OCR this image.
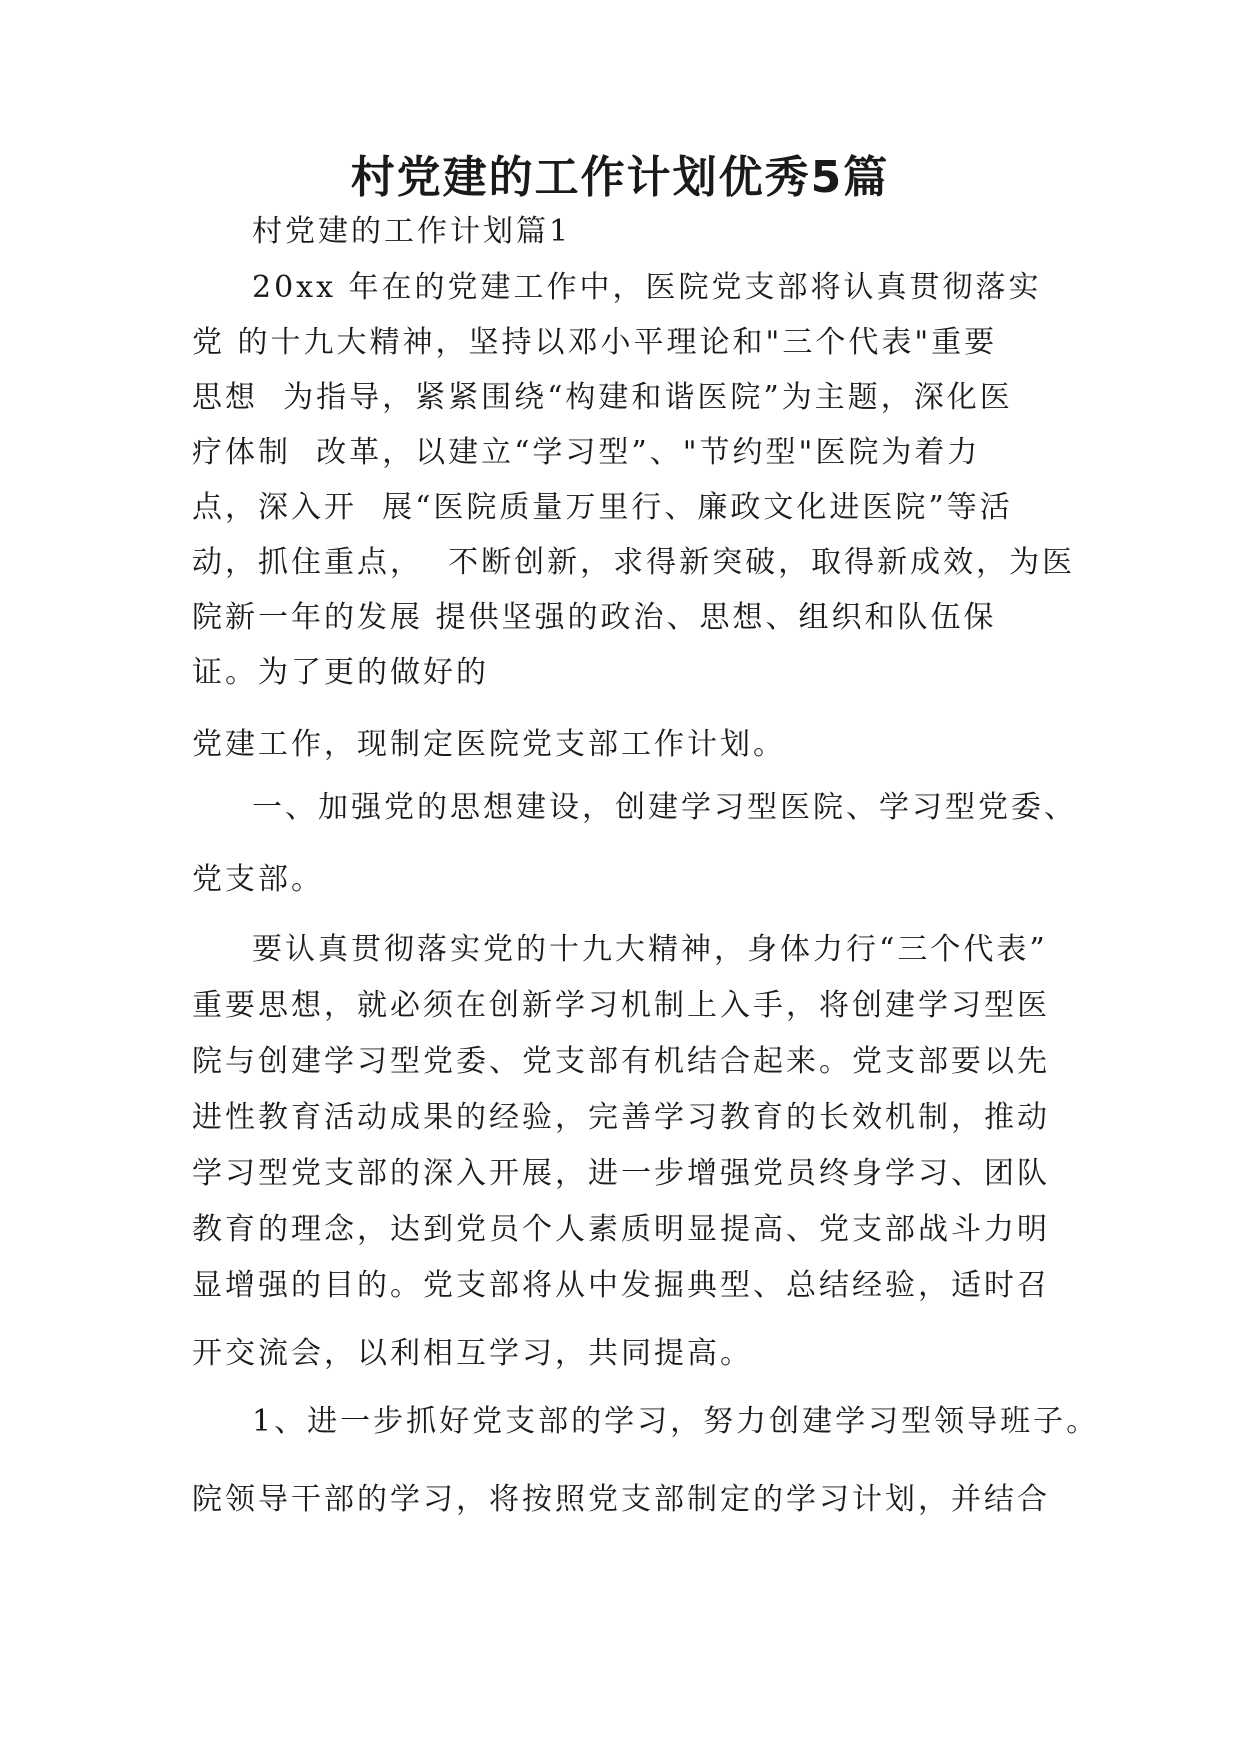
村党建的工作计划优秀5篇

村党建的工作计划篇1

20xx 年在的党建工作中，医院党支部将认真贯彻落实

党 的十九大精神，坚持以邓小平理论和"三个代表"重要

思想  为指导，紧紧围绕“构建和谐医院”为主题，深化医

疗体制  改革，以建立“学习型”、"节约型"医院为着力

点，深入开  展“医院质量万里行、廉政文化进医院”等活

动，抓住重点，  不断创新，求得新突破，取得新成效，为医

院新一年的发展 提供坚强的政治、思想、组织和队伍保

证。为了更的做好的

党建工作，现制定医院党支部工作计划。

一、加强党的思想建设，创建学习型医院、学习型党委、

党支部。

要认真贯彻落实党的十九大精神，身体力行“三个代表”

重要思想，就必须在创新学习机制上入手，将创建学习型医

院与创建学习型党委、党支部有机结合起来。党支部要以先

进性教育活动成果的经验，完善学习教育的长效机制，推动

学习型党支部的深入开展，进一步增强党员终身学习、团队

教育的理念，达到党员个人素质明显提高、党支部战斗力明

显增强的目的。党支部将从中发掘典型、总结经验，适时召

开交流会，以利相互学习，共同提高。

1、进一步抓好党支部的学习，努力创建学习型领导班子。

院领导干部的学习，将按照党支部制定的学习计划，并结合
